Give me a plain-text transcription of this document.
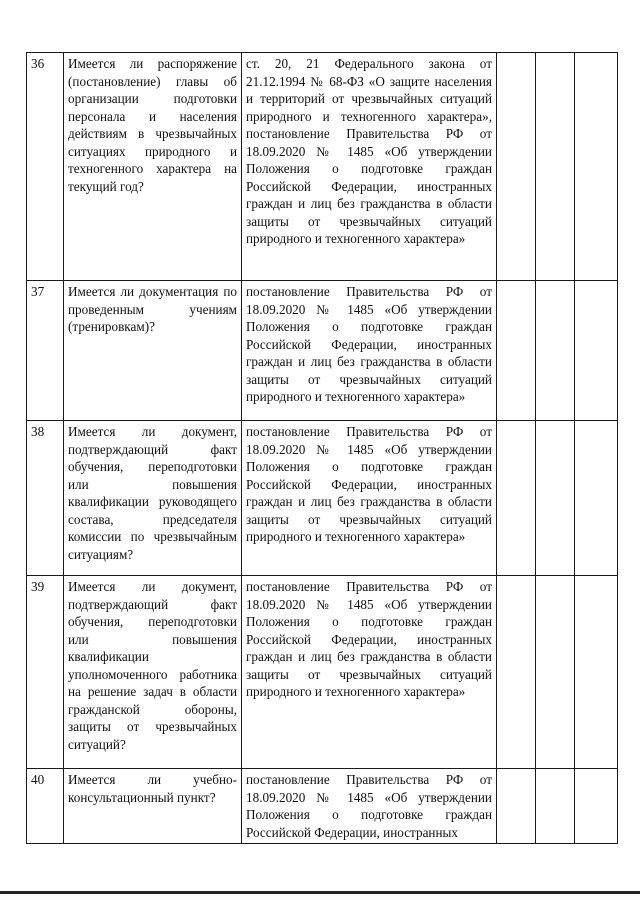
36	Имеется ли распоряжение (постановление) главы об организации подготовки персонала и населения действиям в чрезвычайных ситуациях природного и техногенного характера на текущий год?	ст. 20, 21 Федерального закона от 21.12.1994 № 68-ФЗ «О защите населения и территорий от чрезвычайных ситуаций природного и техногенного характера», постановление Правительства РФ от 18.09.2020 № 1485 «Об утверждении Положения о подготовке граждан Российской Федерации, иностранных граждан и лиц без гражданства в области защиты от чрезвычайных ситуаций природного и техногенного характера»			
37	Имеется ли документация по проведенным учениям (тренировкам)?	постановление Правительства РФ от 18.09.2020 № 1485 «Об утверждении Положения о подготовке граждан Российской Федерации, иностранных граждан и лиц без гражданства в области защиты от чрезвычайных ситуаций природного и техногенного характера»			
38	Имеется ли документ, подтверждающий факт обучения, переподготовки или повышения квалификации руководящего состава, председателя комиссии по чрезвычайным ситуациям?	постановление Правительства РФ от 18.09.2020 № 1485 «Об утверждении Положения о подготовке граждан Российской Федерации, иностранных граждан и лиц без гражданства в области защиты от чрезвычайных ситуаций природного и техногенного характера»			
39	Имеется ли документ, подтверждающий факт обучения, переподготовки или повышения квалификации уполномоченного работника на решение задач в области гражданской обороны, защиты от чрезвычайных ситуаций?	постановление Правительства РФ от 18.09.2020 № 1485 «Об утверждении Положения о подготовке граждан Российской Федерации, иностранных граждан и лиц без гражданства в области защиты от чрезвычайных ситуаций природного и техногенного характера»			
40	Имеется ли учебно-консультационный пункт?	постановление Правительства РФ от 18.09.2020 № 1485 «Об утверждении Положения о подготовке граждан Российской Федерации, иностранных			
